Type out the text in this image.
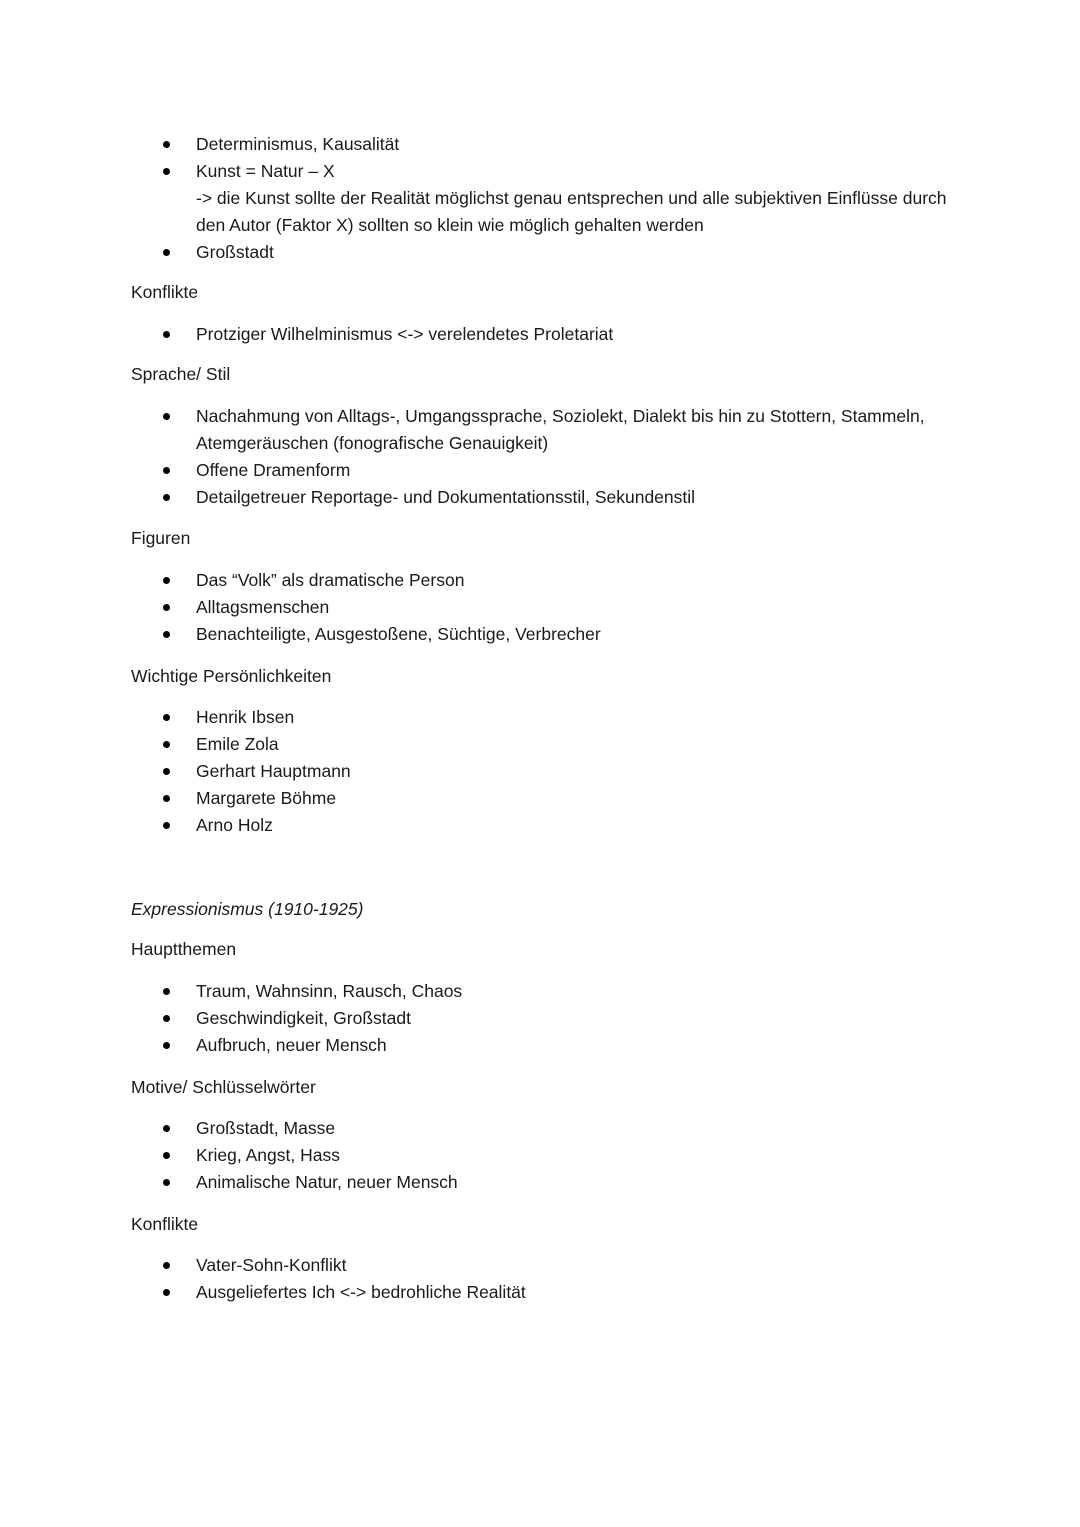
Determinismus, Kausalität
Kunst = Natur – X
-> die Kunst sollte der Realität möglichst genau entsprechen und alle subjektiven Einflüsse durch den Autor (Faktor X) sollten so klein wie möglich gehalten werden
Großstadt
Konflikte
Protziger Wilhelminismus <-> verelendetes Proletariat
Sprache/ Stil
Nachahmung von Alltags-, Umgangssprache, Soziolekt, Dialekt bis hin zu Stottern, Stammeln, Atemgeräuschen (fonografische Genauigkeit)
Offene Dramenform
Detailgetreuer Reportage- und Dokumentationsstil, Sekundenstil
Figuren
Das “Volk” als dramatische Person
Alltagsmenschen
Benachteiligte, Ausgestoßene, Süchtige, Verbrecher
Wichtige Persönlichkeiten
Henrik Ibsen
Emile Zola
Gerhart Hauptmann
Margarete Böhme
Arno Holz
Expressionismus (1910-1925)
Hauptthemen
Traum, Wahnsinn, Rausch, Chaos
Geschwindigkeit, Großstadt
Aufbruch, neuer Mensch
Motive/ Schlüsselwörter
Großstadt, Masse
Krieg, Angst, Hass
Animalische Natur, neuer Mensch
Konflikte
Vater-Sohn-Konflikt
Ausgeliefertes Ich <-> bedrohliche Realität
